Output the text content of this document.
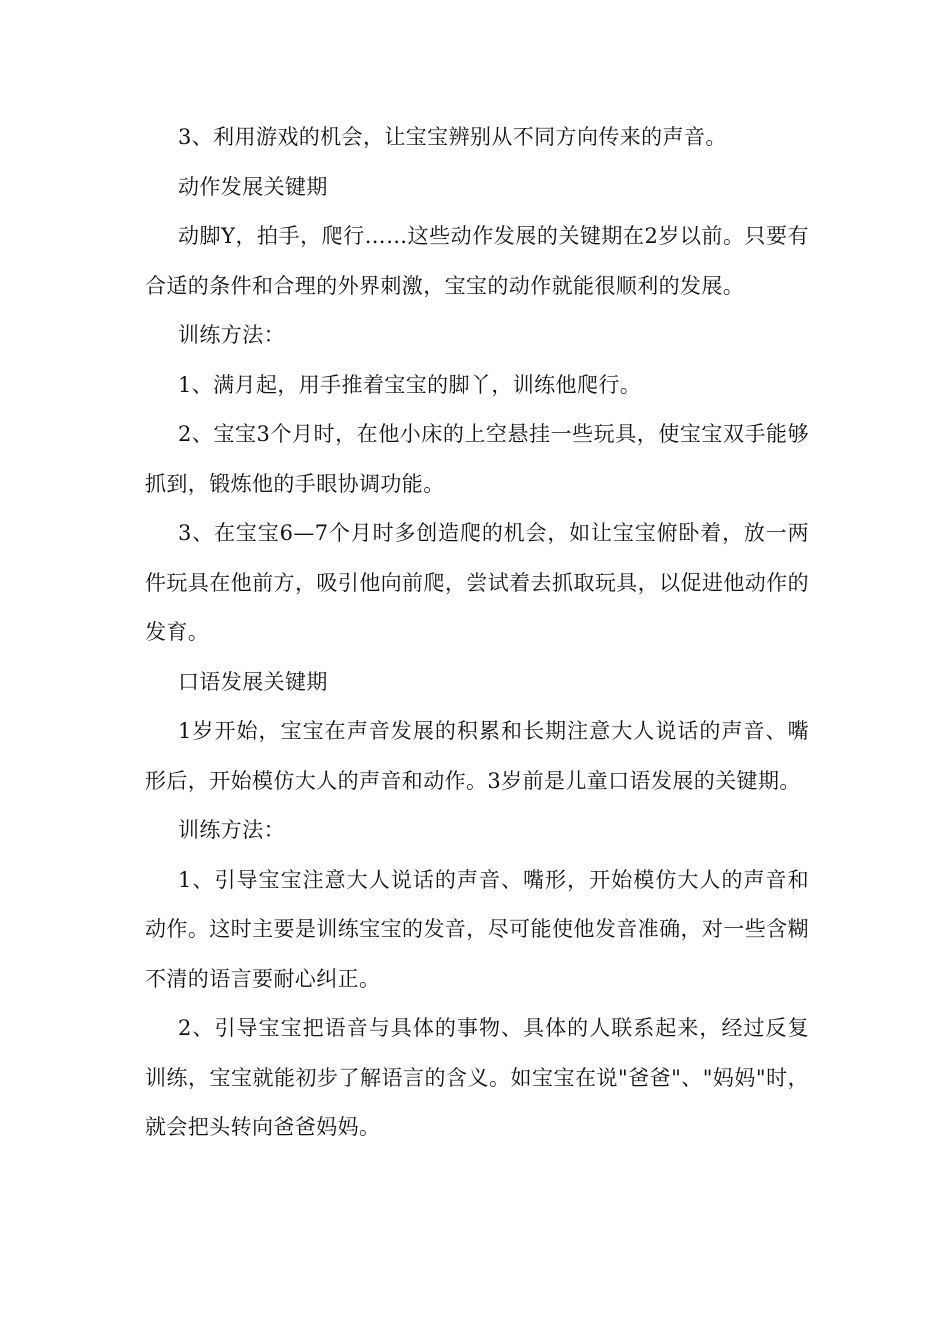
3、利用游戏的机会，让宝宝辨别从不同方向传来的声音。

动作发展关键期

动脚Y，拍手，爬行……这些动作发展的关键期在2岁以前。只要有合适的条件和合理的外界刺激，宝宝的动作就能很顺利的发展。

训练方法：

1、满月起，用手推着宝宝的脚丫，训练他爬行。

2、宝宝3个月时，在他小床的上空悬挂一些玩具，使宝宝双手能够抓到，锻炼他的手眼协调功能。

3、在宝宝6—7个月时多创造爬的机会，如让宝宝俯卧着，放一两件玩具在他前方，吸引他向前爬，尝试着去抓取玩具，以促进他动作的发育。

口语发展关键期

1岁开始，宝宝在声音发展的积累和长期注意大人说话的声音、嘴形后，开始模仿大人的声音和动作。3岁前是儿童口语发展的关键期。

训练方法：

1、引导宝宝注意大人说话的声音、嘴形，开始模仿大人的声音和动作。这时主要是训练宝宝的发音，尽可能使他发音准确，对一些含糊不清的语言要耐心纠正。

2、引导宝宝把语音与具体的事物、具体的人联系起来，经过反复训练，宝宝就能初步了解语言的含义。如宝宝在说"爸爸"、"妈妈"时，就会把头转向爸爸妈妈。
